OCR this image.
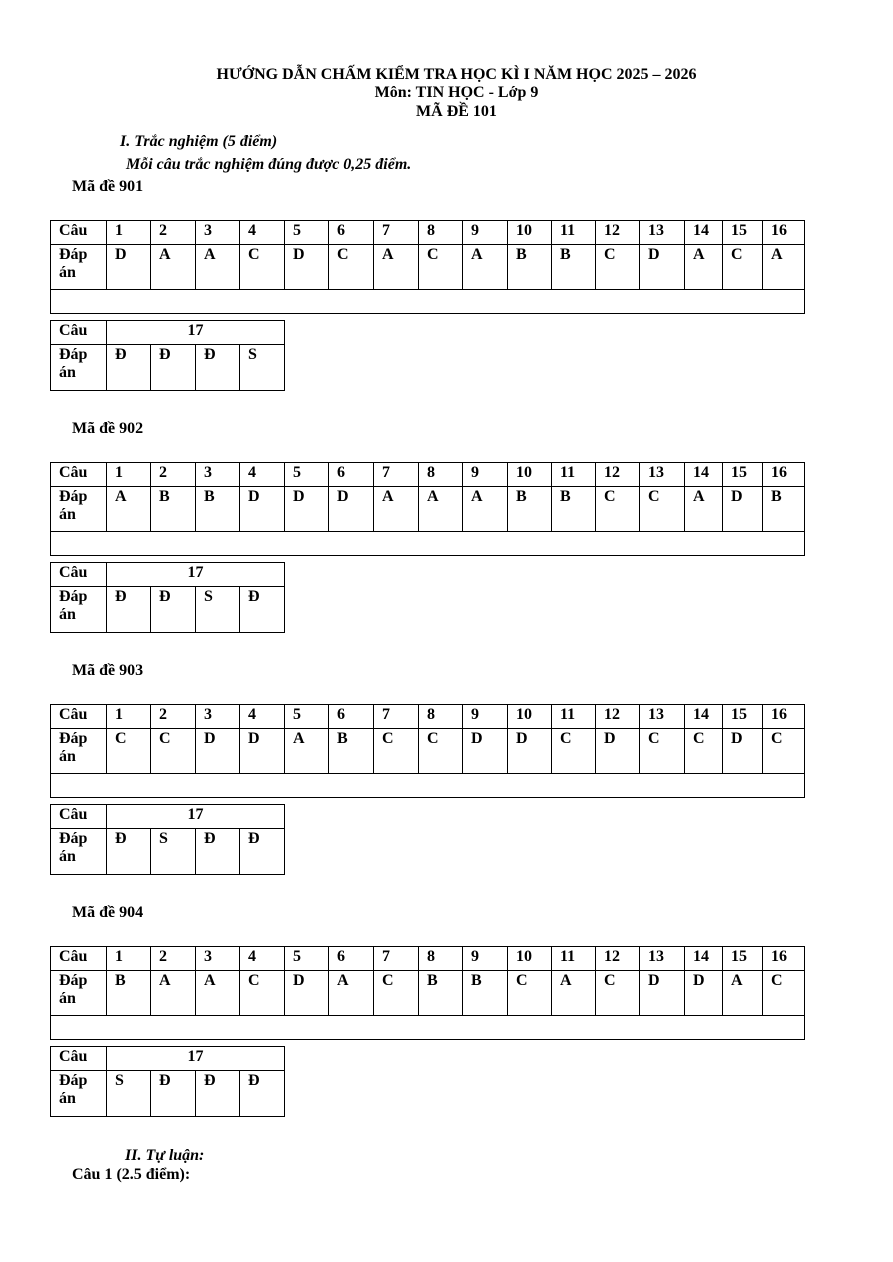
HƯỚNG DẪN CHẤM KIỂM TRA HỌC KÌ I NĂM HỌC 2025 – 2026
Môn: TIN HỌC - Lớp 9
MÃ ĐỀ 101
I. Trắc nghiệm (5 điểm)
Mỗi câu trắc nghiệm đúng được 0,25 điểm.
Mã đề 901
Câu	1	2	3	4	5	6	7	8	9	10	11	12	13	14	15	16

Đáp
án	D	A	A	C	D	C	A	C	A	B	B	C	D	A	C	A

Câu	17			

Đáp
án	Đ	Đ	Đ	S
Mã đề 902
Câu	1	2	3	4	5	6	7	8	9	10	11	12	13	14	15	16

Đáp
án	A	B	B	D	D	D	A	A	A	B	B	C	C	A	D	B

Câu	17			

Đáp
án	Đ	Đ	S	Đ
Mã đề 903
Câu	1	2	3	4	5	6	7	8	9	10	11	12	13	14	15	16

Đáp
án	C	C	D	D	A	B	C	C	D	D	C	D	C	C	D	C

Câu	17			

Đáp
án	Đ	S	Đ	Đ
Mã đề 904
Câu	1	2	3	4	5	6	7	8	9	10	11	12	13	14	15	16

Đáp
án	B	A	A	C	D	A	C	B	B	C	A	C	D	D	A	C

Câu	17			

Đáp
án	S	Đ	Đ	Đ
II. Tự luận:
Câu 1 (2.5 điểm):
